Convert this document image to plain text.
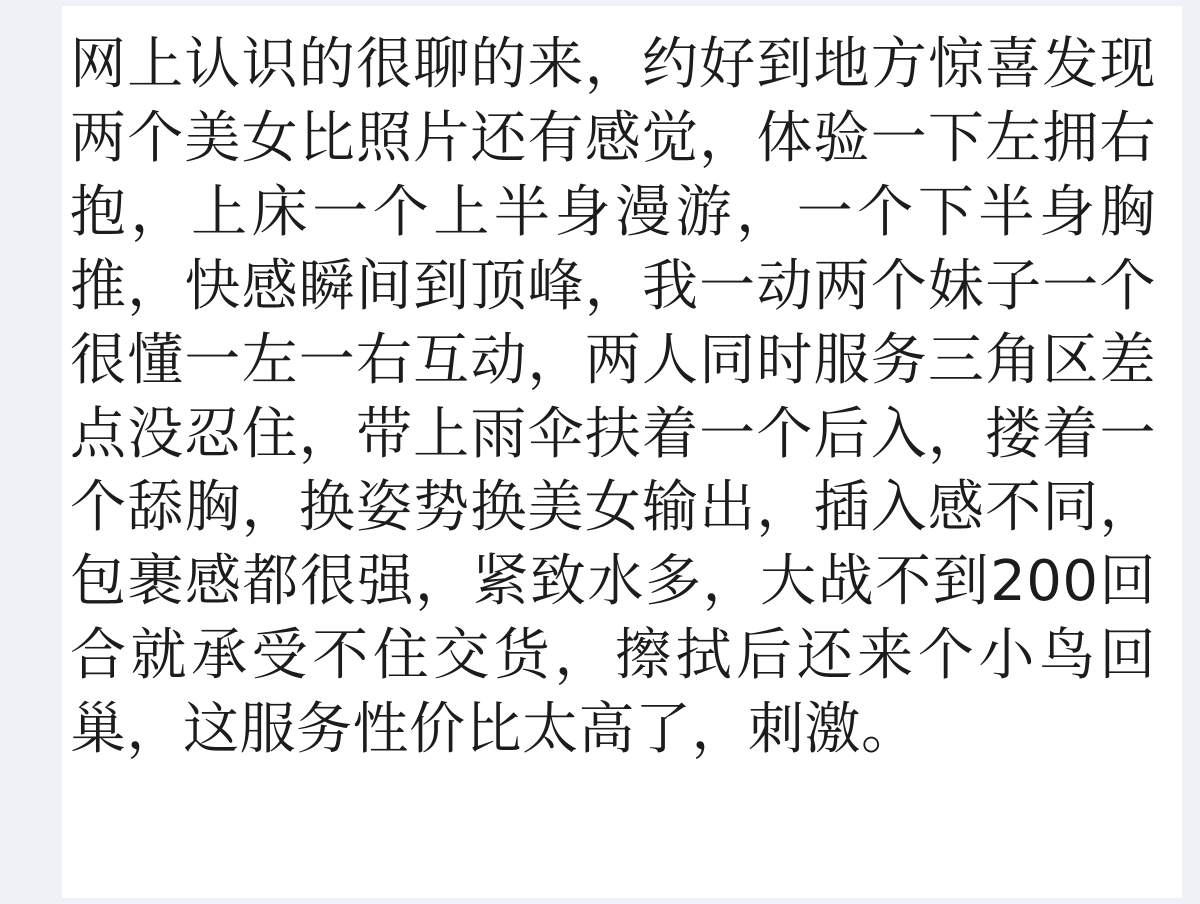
网上认识的很聊的来，约好到地方惊喜发现两个美女比照片还有感觉，体验一下左拥右抱，上床一个上半身漫游，一个下半身胸推，快感瞬间到顶峰，我一动两个妹子一个很懂一左一右互动，两人同时服务三角区差点没忍住，带上雨伞扶着一个后入，搂着一个舔胸，换姿势换美女输出，插入感不同，包裹感都很强，紧致水多，大战不到200回合就承受不住交货，擦拭后还来个小鸟回巢，这服务性价比太高了，刺激。
